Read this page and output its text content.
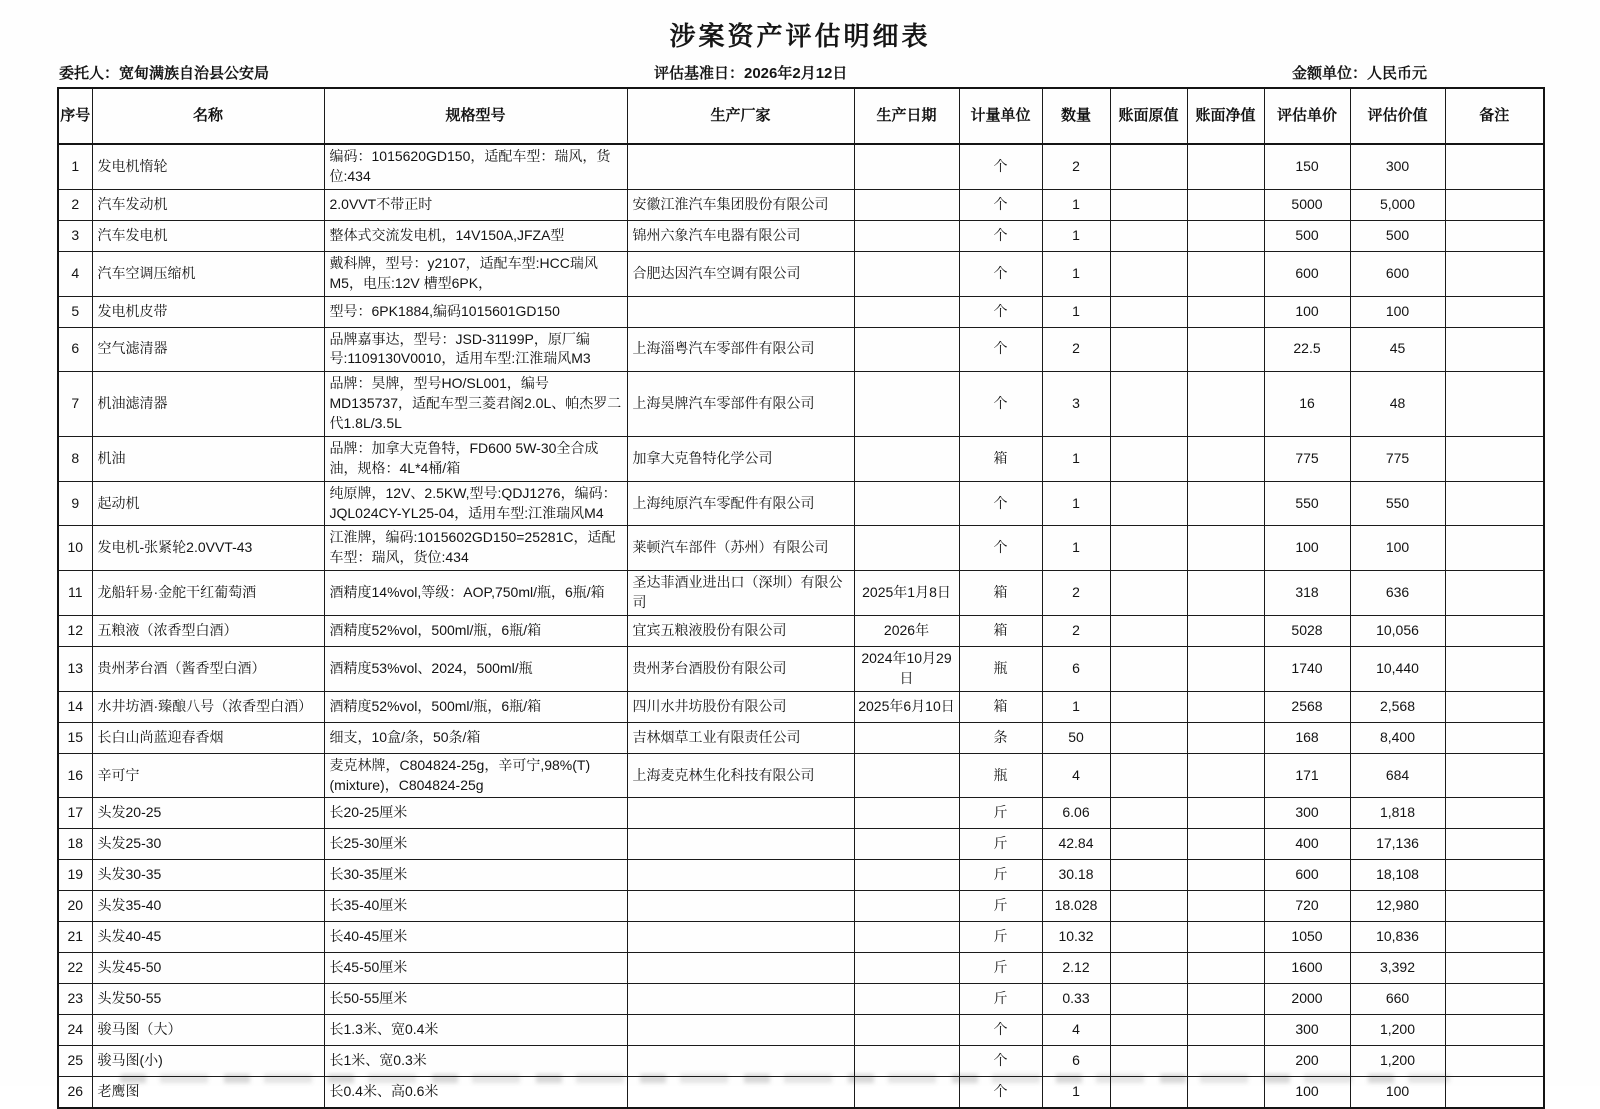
涉案资产评估明细表
委托人：宽甸满族自治县公安局	评估基准日：2026年2月12日	金额单位：人民币元
序号	名称	规格型号	生产厂家	生产日期	计量单位	数量	账面原值	账面净值	评估单价	评估价值	备注
1	发电机惰轮	编码：1015620GD150，适配车型：瑞风，货位:434			个	2			150	300	
2	汽车发动机	2.0VVT不带正时	安徽江淮汽车集团股份有限公司		个	1			5000	5,000	
3	汽车发电机	整体式交流发电机，14V150A,JFZA型	锦州六象汽车电器有限公司		个	1			500	500	
4	汽车空调压缩机	戴科牌，型号：y2107，适配车型:HCC瑞风M5，电压:12V 槽型6PK，	合肥达因汽车空调有限公司		个	1			600	600	
5	发电机皮带	型号：6PK1884,编码1015601GD150			个	1			100	100	
6	空气滤清器	品牌嘉事达，型号：JSD-31199P，原厂编号:1109130V0010，适用车型:江淮瑞风M3	上海淄粤汽车零部件有限公司		个	2			22.5	45	
7	机油滤清器	品牌：昊牌，型号HO/SL001，编号MD135737，适配车型三菱君阁2.0L、帕杰罗二代1.8L/3.5L	上海昊牌汽车零部件有限公司		个	3			16	48	
8	机油	品牌：加拿大克鲁特，FD600 5W-30全合成油，规格：4L*4桶/箱	加拿大克鲁特化学公司		箱	1			775	775	
9	起动机	纯原牌，12V、2.5KW,型号:QDJ1276，编码：JQL024CY-YL25-04，适用车型:江淮瑞风M4	上海纯原汽车零配件有限公司		个	1			550	550	
10	发电机-张紧轮2.0VVT-43	江淮牌，编码:1015602GD150=25281C，适配车型：瑞风，货位:434	莱顿汽车部件（苏州）有限公司		个	1			100	100	
11	龙船轩易·金舵干红葡萄酒	酒精度14%vol,等级：AOP,750ml/瓶，6瓶/箱	圣达菲酒业进出口（深圳）有限公司	2025年1月8日	箱	2			318	636	
12	五粮液（浓香型白酒）	酒精度52%vol，500ml/瓶，6瓶/箱	宜宾五粮液股份有限公司	2026年	箱	2			5028	10,056	
13	贵州茅台酒（酱香型白酒）	酒精度53%vol、2024，500ml/瓶	贵州茅台酒股份有限公司	2024年10月29日	瓶	6			1740	10,440	
14	水井坊酒·臻酿八号（浓香型白酒）	酒精度52%vol，500ml/瓶，6瓶/箱	四川水井坊股份有限公司	2025年6月10日	箱	1			2568	2,568	
15	长白山尚蓝迎春香烟	细支，10盒/条，50条/箱	吉林烟草工业有限责任公司		条	50			168	8,400	
16	辛可宁	麦克林牌，C804824-25g，辛可宁,98%(T)(mixture)，C804824-25g	上海麦克林生化科技有限公司		瓶	4			171	684	
17	头发20-25	长20-25厘米			斤	6.06			300	1,818	
18	头发25-30	长25-30厘米			斤	42.84			400	17,136	
19	头发30-35	长30-35厘米			斤	30.18			600	18,108	
20	头发35-40	长35-40厘米			斤	18.028			720	12,980	
21	头发40-45	长40-45厘米			斤	10.32			1050	10,836	
22	头发45-50	长45-50厘米			斤	2.12			1600	3,392	
23	头发50-55	长50-55厘米			斤	0.33			2000	660	
24	骏马图（大）	长1.3米、宽0.4米			个	4			300	1,200	
25	骏马图(小)	长1米、宽0.3米			个	6			200	1,200	
26	老鹰图	长0.4米、高0.6米			个	1			100	100	
